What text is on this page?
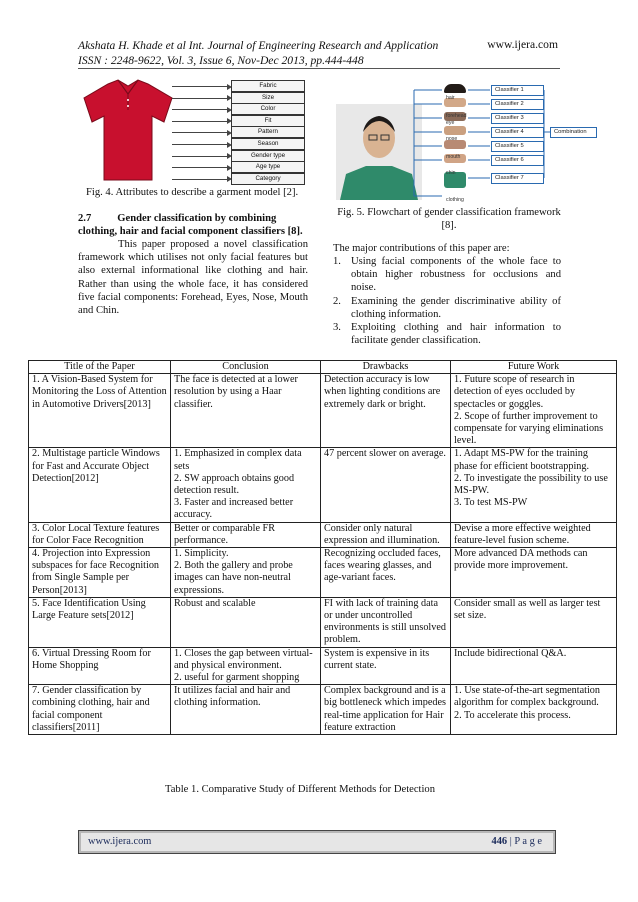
Akshata H. Khade et al Int. Journal of Engineering Research and Application
ISSN : 2248-9622, Vol. 3, Issue 6, Nov-Dec 2013, pp.444-448
www.ijera.com
Fabric
Size
Color
Fit
Pattern
Season
Gender type
Age type
Category
Fig. 4. Attributes to describe a garment model [2].
2.7 Gender classification by combining
clothing, hair and facial component classifiers [8].
This paper proposed a novel classification framework which utilises not only facial features but also external informational like clothing and hair. Rather than using the whole face, it has considered five facial components: Forehead, Eyes, Nose, Mouth and Chin.
hair
forehead
eye
nose
mouth
chin
clothing
Classifier 1
Classifier 2
Classifier 3
Classifier 4
Classifier 5
Classifier 6
Classifier 7
Combination
Fig. 5. Flowchart of gender classification framework
[8].
The major contributions of this paper are:
1. Using facial components of the whole face to obtain higher robustness for occlusions and noise.
2. Examining the gender discriminative ability of clothing information.
3. Exploiting clothing and hair information to facilitate gender classification.
Title of the Paper	Conclusion	Drawbacks	Future Work
1. A Vision-Based System for Monitoring the Loss of Attention in Automotive Drivers[2013]	The face is detected at a lower resolution by using a Haar classifier.	Detection accuracy is low when lighting conditions are extremely dark or bright.	1. Future scope of research in detection of eyes occluded by spectacles or goggles.
2. Scope of further improvement to compensate for varying eliminations level.
2. Multistage particle Windows for Fast and Accurate Object Detection[2012]	1. Emphasized in complex data sets
2. SW approach obtains good detection result.
3. Faster and increased better accuracy.	47 percent slower on average.	1. Adapt MS-PW for the training phase for efficient bootstrapping.
2. To investigate the possibility to use MS-PW.
3. To test MS-PW
3. Color Local Texture features for Color Face Recognition	Better or comparable FR performance.	Consider only natural expression and illumination.	Devise a more effective weighted feature-level fusion scheme.
4. Projection into Expression subspaces for face Recognition from Single Sample per Person[2013]	1. Simplicity.
2. Both the gallery and probe images can have non-neutral expressions.	Recognizing occluded faces, faces wearing glasses, and age-variant faces.	More advanced DA methods can provide more improvement.
5. Face Identification Using Large Feature sets[2012]	Robust and scalable	FI with lack of training data or under uncontrolled environments is still unsolved problem.	Consider small as well as larger test set size.
6. Virtual Dressing Room for Home Shopping	1. Closes the gap between virtual- and physical environment.
2. useful for garment shopping	System is expensive in its current state.	Include bidirectional Q&A.
7. Gender classification by combining clothing, hair and facial component classifiers[2011]	It utilizes facial and hair and clothing information.	Complex background and is a big bottleneck which impedes real-time application for Hair feature extraction	1. Use state-of-the-art segmentation algorithm for complex background.
2. To accelerate this process.
Table 1. Comparative Study of Different Methods for Detection
www.ijera.com	446 | P a g e
